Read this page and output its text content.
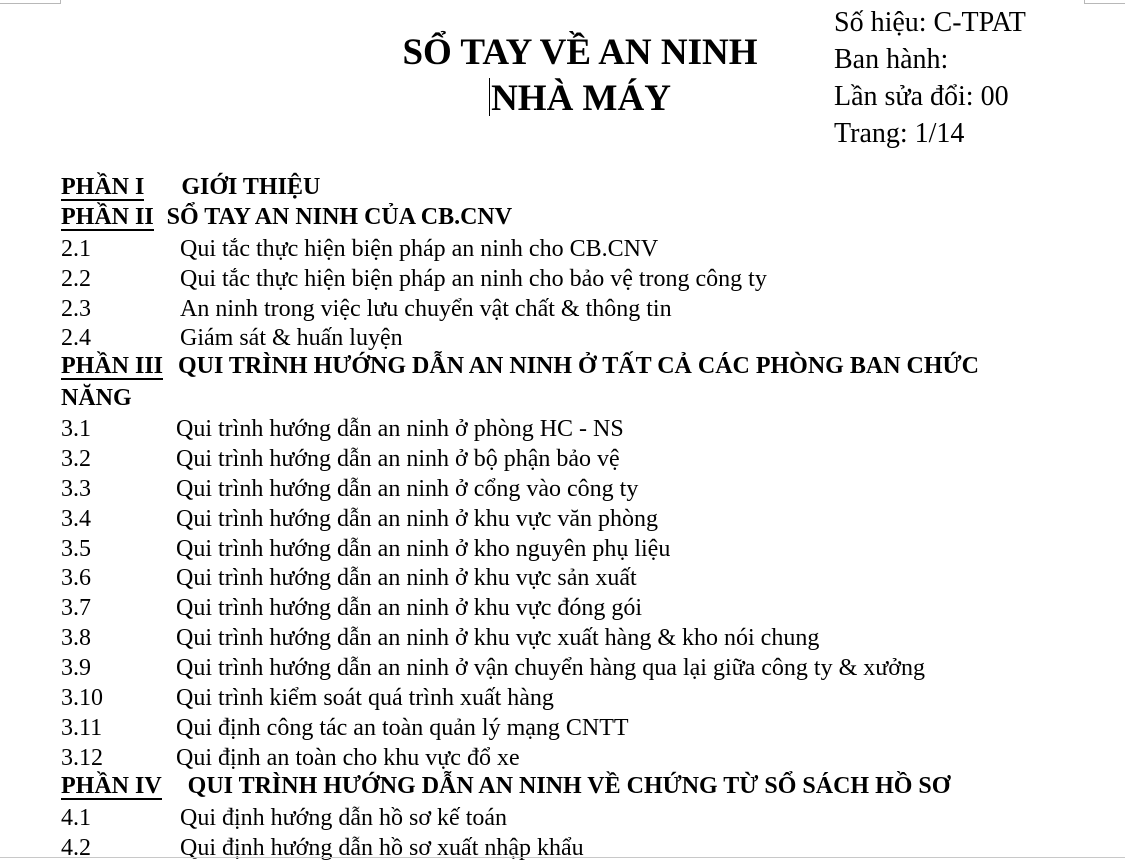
SỔ TAY VỀ AN NINH
NHÀ MÁY
Số hiệu: C-TPAT
Ban hành:
Lần sửa đổi: 00
Trang: 1/14
PHẦN I GIỚI THIỆU
PHẦN II SỔ TAY AN NINH CỦA CB.CNV
2.1	Qui tắc thực hiện biện pháp an ninh cho CB.CNV
2.2	Qui tắc thực hiện biện pháp an ninh cho bảo vệ trong công ty
2.3	An ninh trong việc lưu chuyển vật chất & thông tin
2.4	Giám sát & huấn luyện
PHẦN III QUI TRÌNH HƯỚNG DẪN AN NINH Ở TẤT CẢ CÁC PHÒNG BAN CHỨC
NĂNG
3.1	Qui trình hướng dẫn an ninh ở phòng HC - NS
3.2	Qui trình hướng dẫn an ninh ở bộ phận bảo vệ
3.3	Qui trình hướng dẫn an ninh ở cổng vào công ty
3.4	Qui trình hướng dẫn an ninh ở khu vực văn phòng
3.5	Qui trình hướng dẫn an ninh ở kho nguyên phụ liệu
3.6	Qui trình hướng dẫn an ninh ở khu vực sản xuất
3.7	Qui trình hướng dẫn an ninh ở khu vực đóng gói
3.8	Qui trình hướng dẫn an ninh ở khu vực xuất hàng & kho nói chung
3.9	Qui trình hướng dẫn an ninh ở vận chuyển hàng qua lại giữa công ty & xưởng
3.10	Qui trình kiểm soát quá trình xuất hàng
3.11	Qui định công tác an toàn quản lý mạng CNTT
3.12	Qui định an toàn cho khu vực đổ xe
PHẦN IV QUI TRÌNH HƯỚNG DẪN AN NINH VỀ CHỨNG TỪ SỔ SÁCH HỒ SƠ
4.1	Qui định hướng dẫn hồ sơ kế toán
4.2	Qui định hướng dẫn hồ sơ xuất nhập khẩu
